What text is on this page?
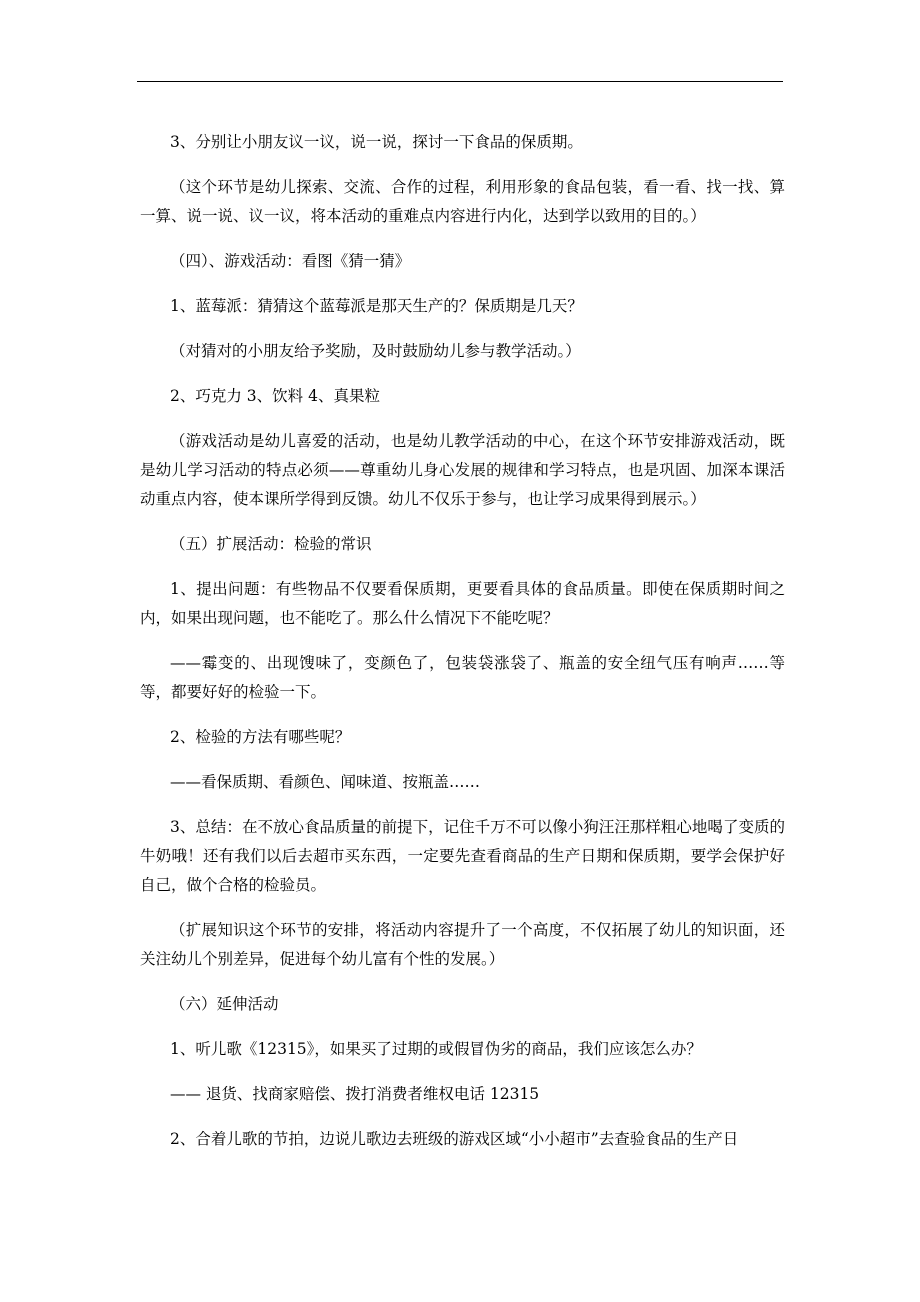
3、分别让小朋友议一议，说一说，探讨一下食品的保质期。

（这个环节是幼儿探索、交流、合作的过程，利用形象的食品包装，看一看、找一找、算一算、说一说、议一议，将本活动的重难点内容进行内化，达到学以致用的目的。）

（四）、游戏活动：看图《猜一猜》

1、蓝莓派：猜猜这个蓝莓派是那天生产的？保质期是几天？

（对猜对的小朋友给予奖励，及时鼓励幼儿参与教学活动。）

2、巧克力 3、饮料 4、真果粒

（游戏活动是幼儿喜爱的活动，也是幼儿教学活动的中心，在这个环节安排游戏活动，既是幼儿学习活动的特点必须——尊重幼儿身心发展的规律和学习特点，也是巩固、加深本课活动重点内容，使本课所学得到反馈。幼儿不仅乐于参与，也让学习成果得到展示。）

（五）扩展活动：检验的常识

1、提出问题：有些物品不仅要看保质期，更要看具体的食品质量。即使在保质期时间之内，如果出现问题，也不能吃了。那么什么情况下不能吃呢？

——霉变的、出现馊味了，变颜色了，包装袋涨袋了、瓶盖的安全纽气压有响声……等等，都要好好的检验一下。

2、检验的方法有哪些呢？

——看保质期、看颜色、闻味道、按瓶盖……

3、总结：在不放心食品质量的前提下，记住千万不可以像小狗汪汪那样粗心地喝了变质的牛奶哦！还有我们以后去超市买东西，一定要先查看商品的生产日期和保质期，要学会保护好自己，做个合格的检验员。

（扩展知识这个环节的安排，将活动内容提升了一个高度，不仅拓展了幼儿的知识面，还关注幼儿个别差异，促进每个幼儿富有个性的发展。）

（六）延伸活动

1、听儿歌《12315》，如果买了过期的或假冒伪劣的商品，我们应该怎么办？

—— 退货、找商家赔偿、拨打消费者维权电话 12315

2、合着儿歌的节拍，边说儿歌边去班级的游戏区域“小小超市”去查验食品的生产日
